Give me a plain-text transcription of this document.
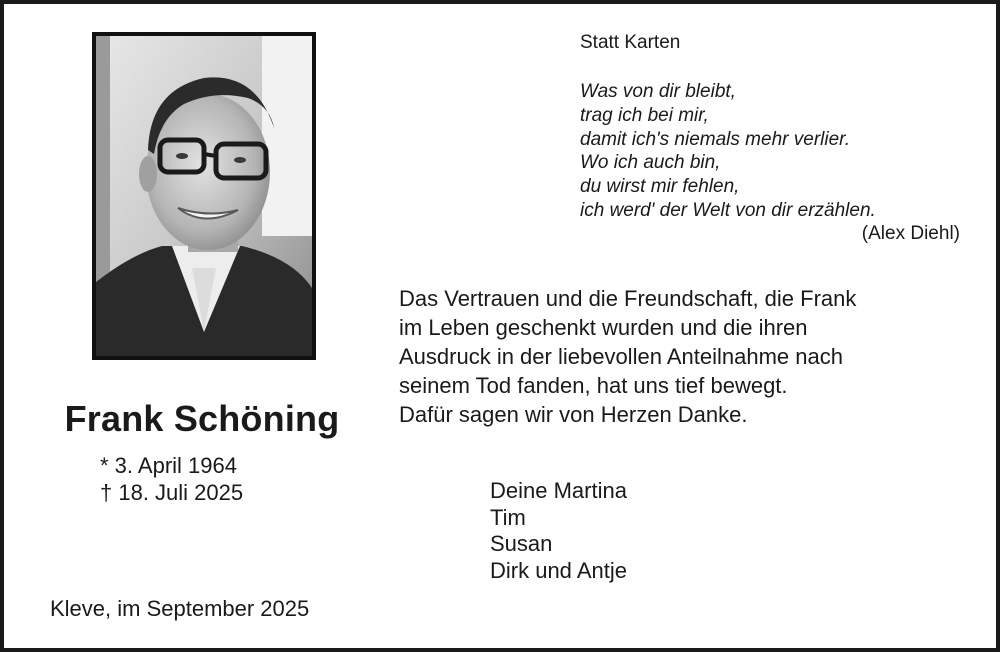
Frank Schöning
* 3. April 1964
† 18. Juli 2025
Kleve, im September 2025
Statt Karten
Was von dir bleibt,
trag ich bei mir,
damit ich's niemals mehr verlier.
Wo ich auch bin,
du wirst mir fehlen,
ich werd' der Welt von dir erzählen.
(Alex Diehl)
Das Vertrauen und die Freundschaft, die Frank
im Leben geschenkt wurden und die ihren
Ausdruck in der liebevollen Anteilnahme nach
seinem Tod fanden, hat uns tief bewegt.
Dafür sagen wir von Herzen Danke.
Deine Martina
Tim
Susan
Dirk und Antje
